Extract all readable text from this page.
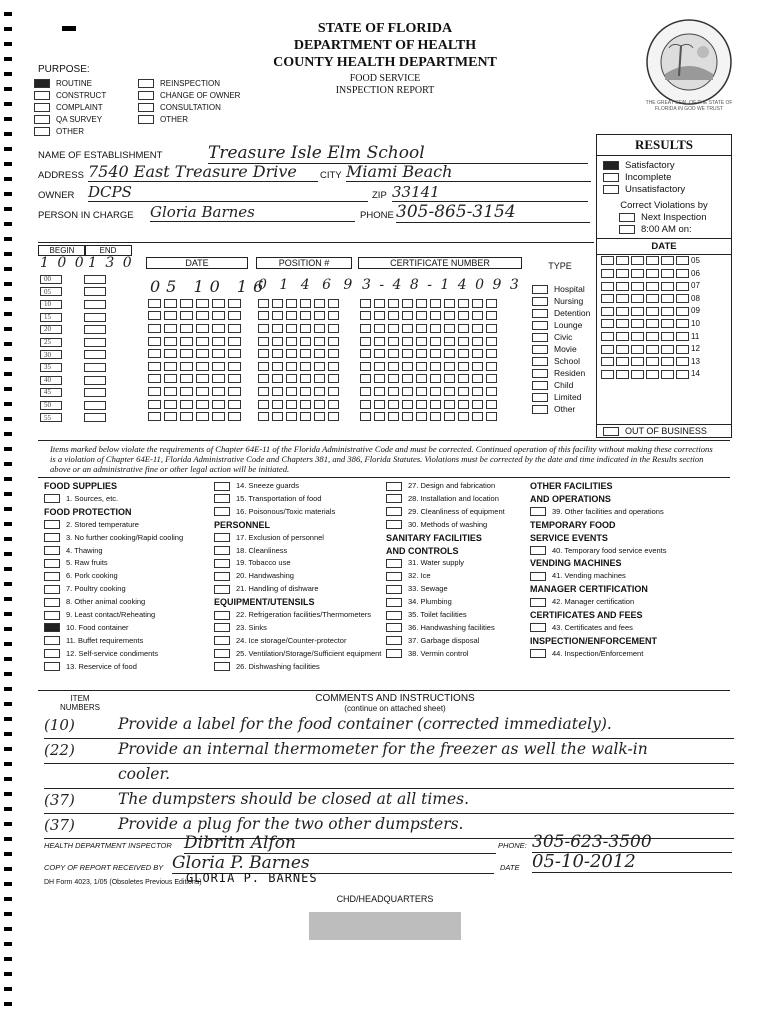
STATE OF FLORIDA
DEPARTMENT OF HEALTH
COUNTY HEALTH DEPARTMENT
FOOD SERVICE
INSPECTION REPORT
THE GREAT SEAL OF THE STATE OF FLORIDA IN GOD WE TRUST
PURPOSE:
ROUTINE
CONSTRUCT
COMPLAINT
QA SURVEY
OTHER
REINSPECTION
CHANGE OF OWNER
CONSULTATION
OTHER
NAME OF ESTABLISHMENT	Treasure Isle Elm School
ADDRESS 7540 East Treasure Drive	CITY Miami Beach
OWNER DCPS	ZIP 33141
PERSON IN CHARGE Gloria Barnes	PHONE 305-865-3154
RESULTS
Satisfactory
Incomplete
Unsatisfactory
Correct Violations by
Next Inspection
8:00 AM on:
DATE
05
06
07
08
09
10
11
12
13
14
OUT OF BUSINESS
BEGIN	END
1 0 0 1 3 0
00
05
10
15
20
25
30
35
40
45
50
55
DATE
05 10 16
POSITION #
0 1 4 6 9
CERTIFICATE NUMBER
3 - 4 8 - 1 4 0 9 3
TYPE
Hospital
Nursing
Detention
Lounge
Civic
Movie
School
Residen
Child
Limited
Other
Items marked below violate the requirements of Chapter 64E-11 of the Florida Administrative Code and must be corrected. Continued operation of this facility without making these corrections is a violation of Chapter 64E-11, Florida Administrative Code and Chapters 381, and 386, Florida Statutes. Violations must be corrected by the date and time indicated in the Results section above or an administrative fine or other legal action will be initiated.
FOOD SUPPLIES
1. Sources, etc.
FOOD PROTECTION
2. Stored temperature
3. No further cooking/Rapid cooling
4. Thawing
5. Raw fruits
6. Pork cooking
7. Poultry cooking
8. Other animal cooking
9. Least contact/Reheating
10. Food container
11. Buffet requirements
12. Self-service condiments
13. Reservice of food
14. Sneeze guards
15. Transportation of food
16. Poisonous/Toxic materials
PERSONNEL
17. Exclusion of personnel
18. Cleanliness
19. Tobacco use
20. Handwashing
21. Handling of dishware
EQUIPMENT/UTENSILS
22. Refrigeration facilities/Thermometers
23. Sinks
24. Ice storage/Counter-protector
25. Ventilation/Storage/Sufficient equipment
26. Dishwashing facilities
27. Design and fabrication
28. Installation and location
29. Cleanliness of equipment
30. Methods of washing
SANITARY FACILITIES
AND CONTROLS
31. Water supply
32. Ice
33. Sewage
34. Plumbing
35. Toilet facilities
36. Handwashing facilities
37. Garbage disposal
38. Vermin control
OTHER FACILITIES
AND OPERATIONS
39. Other facilities and operations
TEMPORARY FOOD
SERVICE EVENTS
40. Temporary food service events
VENDING MACHINES
41. Vending machines
MANAGER CERTIFICATION
42. Manager certification
CERTIFICATES AND FEES
43. Certificates and fees
INSPECTION/ENFORCEMENT
44. Inspection/Enforcement
ITEM
NUMBERS
COMMENTS AND INSTRUCTIONS
(continue on attached sheet)
(10)	Provide a label for the food container (corrected immediately).
(22)	Provide an internal thermometer for the freezer as well the walk-in
cooler.
(37)	The dumpsters should be closed at all times.
(37)	Provide a plug for the two other dumpsters.
HEALTH DEPARTMENT INSPECTOR Dibritn Alfon	PHONE: 305-623-3500
COPY OF REPORT RECEIVED BY Gloria P. Barnes	DATE 05-10-2012
DH Form 4023, 1/05 (Obsoletes Previous Editions)
GLORIA P. BARNES
CHD/HEADQUARTERS
